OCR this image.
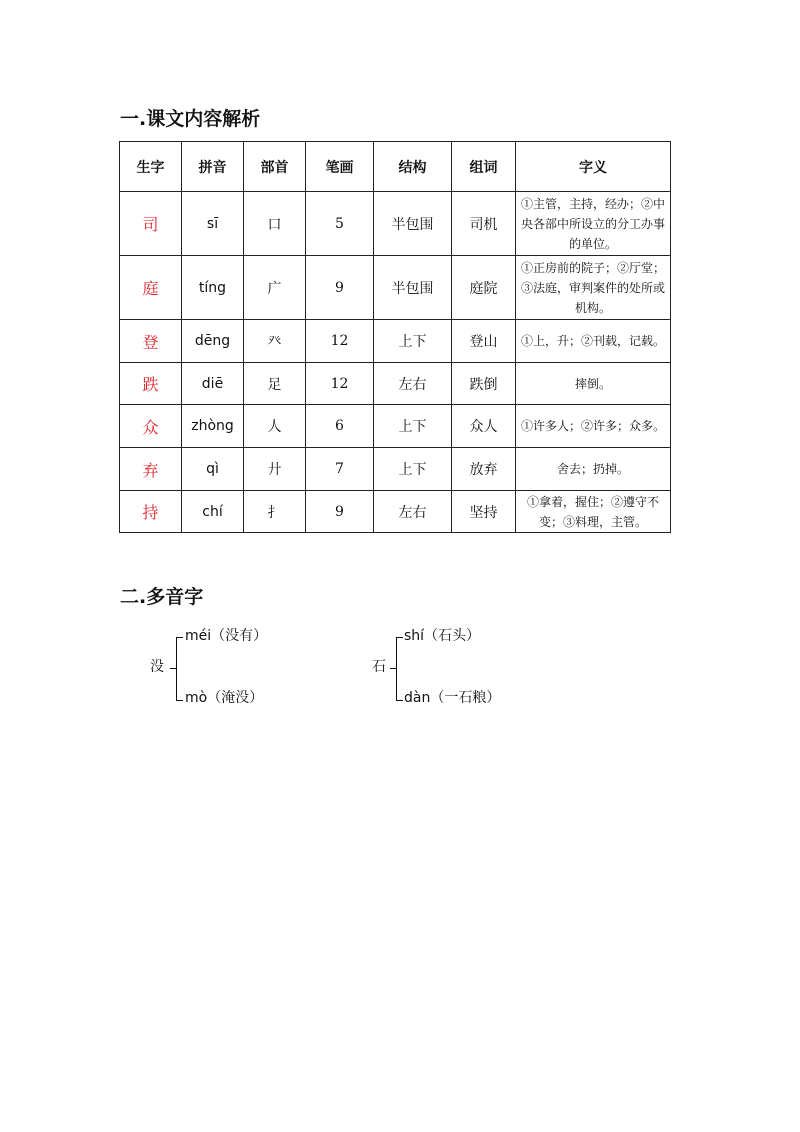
一.课文内容解析
生字	拼音	部首	笔画	结构	组词	字义
司	sī	口	5	半包围	司机	①主管，主持，经办；②中央各部中所设立的分工办事的单位。
庭	tíng	广	9	半包围	庭院	①正房前的院子；②厅堂；③法庭，审判案件的处所或机构。
登	dēng	癶	12	上下	登山	①上，升；②刊载，记载。
跌	diē	足	12	左右	跌倒	摔倒。
众	zhòng	人	6	上下	众人	①许多人；②许多；众多。
弃	qì	廾	7	上下	放弃	舍去；扔掉。
持	chí	扌	9	左右	坚持	①拿着，握住；②遵守不变；③料理，主管。
二.多音字
没
méi（没有）
mò（淹没）
石
shí（石头）
dàn（一石粮）
